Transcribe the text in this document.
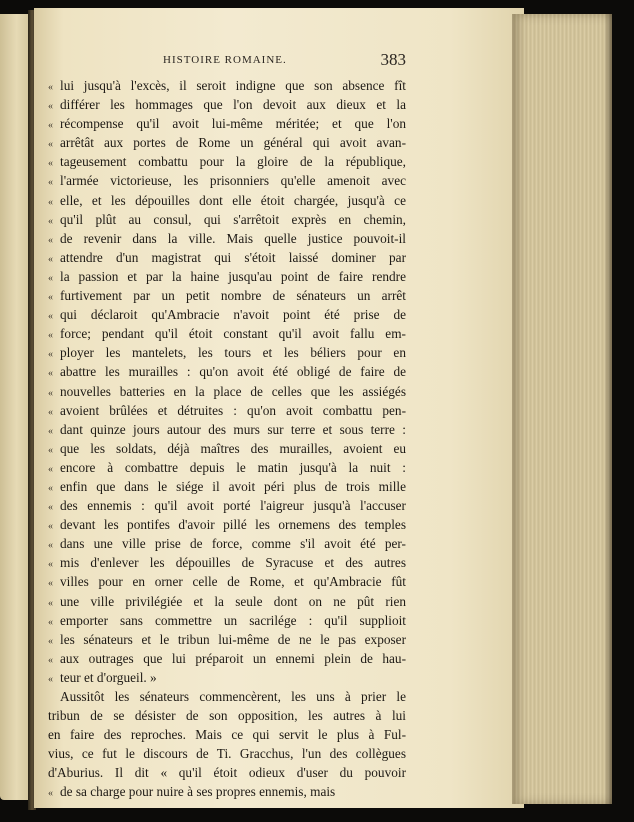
HISTOIRE ROMAINE.	383
« lui jusqu'à l'excès, il seroit indigne que son absence fît
« différer les hommages que l'on devoit aux dieux et la
« récompense qu'il avoit lui-même méritée; et que l'on
« arrêtât aux portes de Rome un général qui avoit avan-
« tageusement combattu pour la gloire de la république,
« l'armée victorieuse, les prisonniers qu'elle amenoit avec
« elle, et les dépouilles dont elle étoit chargée, jusqu'à ce
« qu'il plût au consul, qui s'arrêtoit exprès en chemin,
« de revenir dans la ville. Mais quelle justice pouvoit-il
« attendre d'un magistrat qui s'étoit laissé dominer par
« la passion et par la haine jusqu'au point de faire rendre
« furtivement par un petit nombre de sénateurs un arrêt
« qui déclaroit qu'Ambracie n'avoit point été prise de
« force; pendant qu'il étoit constant qu'il avoit fallu em-
« ployer les mantelets, les tours et les béliers pour en
« abattre les murailles : qu'on avoit été obligé de faire de
« nouvelles batteries en la place de celles que les assiégés
« avoient brûlées et détruites : qu'on avoit combattu pen-
« dant quinze jours autour des murs sur terre et sous terre :
« que les soldats, déjà maîtres des murailles, avoient eu
« encore à combattre depuis le matin jusqu'à la nuit :
« enfin que dans le siége il avoit péri plus de trois mille
« des ennemis : qu'il avoit porté l'aigreur jusqu'à l'accuser
« devant les pontifes d'avoir pillé les ornemens des temples
« dans une ville prise de force, comme s'il avoit été per-
« mis d'enlever les dépouilles de Syracuse et des autres
« villes pour en orner celle de Rome, et qu'Ambracie fût
« une ville privilégiée et la seule dont on ne pût rien
« emporter sans commettre un sacrilége : qu'il supplioit
« les sénateurs et le tribun lui-même de ne le pas exposer
« aux outrages que lui préparoit un ennemi plein de hau-
« teur et d'orgueil. »
Aussitôt les sénateurs commencèrent, les uns à prier le
tribun de se désister de son opposition, les autres à lui
en faire des reproches. Mais ce qui servit le plus à Ful-
vius, ce fut le discours de Ti. Gracchus, l'un des collègues
d'Aburius. Il dit « qu'il étoit odieux d'user du pouvoir
« de sa charge pour nuire à ses propres ennemis, mais
